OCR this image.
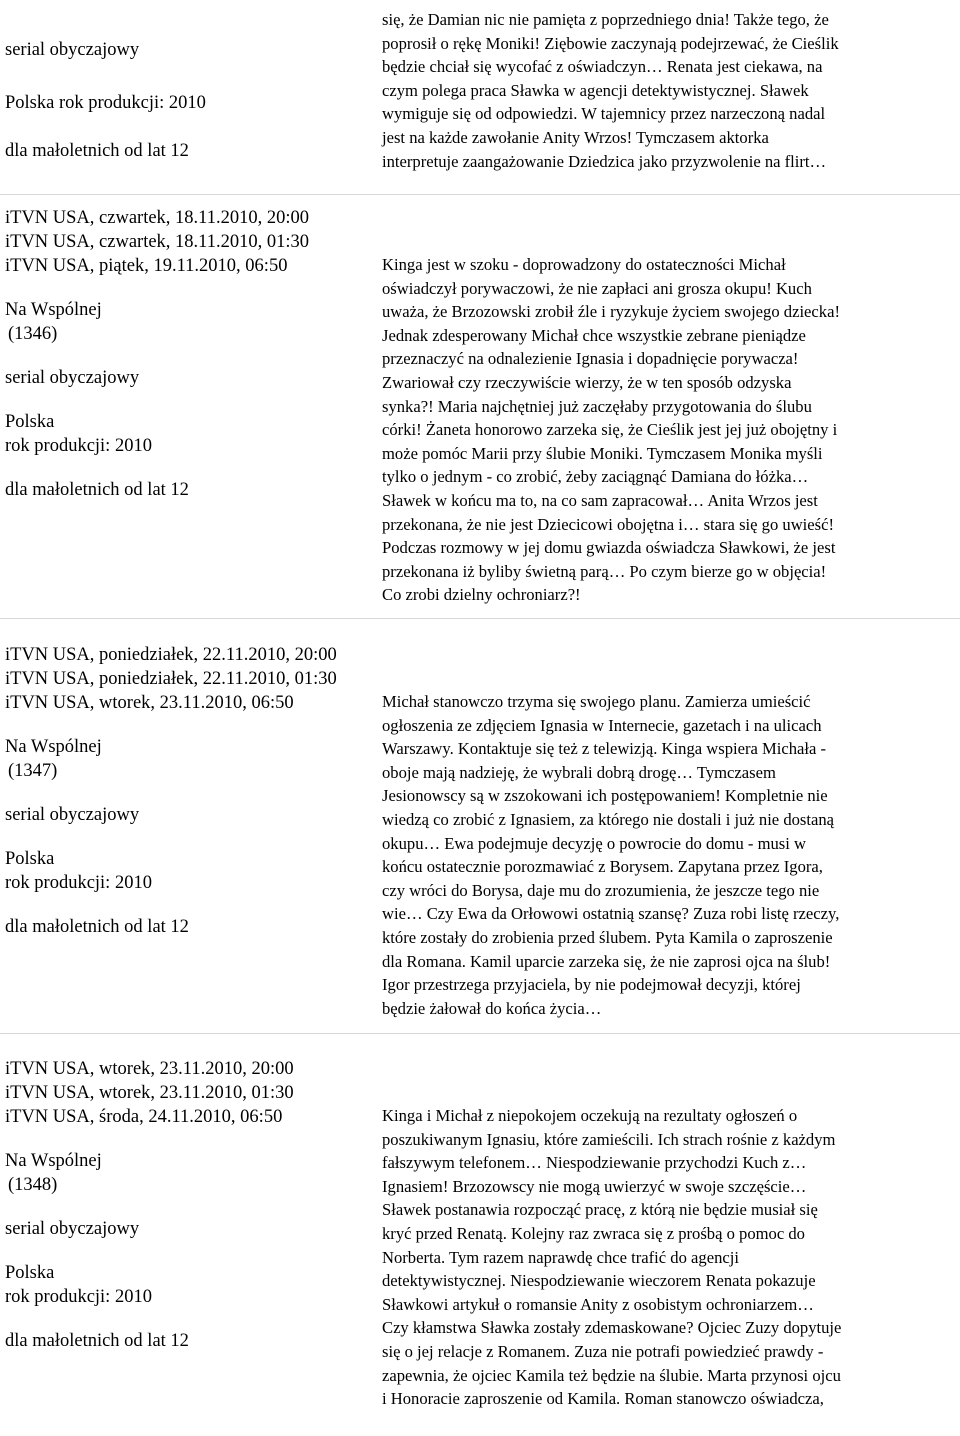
serial obyczajowy
Polska rok produkcji: 2010
dla małoletnich od lat 12
się, że Damian nic nie pamięta z poprzedniego dnia! Także tego, że
poprosił o rękę Moniki! Ziębowie zaczynają podejrzewać, że Cieślik
będzie chciał się wycofać z oświadczyn… Renata jest ciekawa, na
czym polega praca Sławka w agencji detektywistycznej. Sławek
wymiguje się od odpowiedzi. W tajemnicy przez narzeczoną nadal
jest na każde zawołanie Anity Wrzos! Tymczasem aktorka
interpretuje zaangażowanie Dziedzica jako przyzwolenie na flirt…
iTVN USA, czwartek, 18.11.2010, 20:00
iTVN USA, czwartek, 18.11.2010, 01:30
iTVN USA, piątek, 19.11.2010, 06:50
Na Wspólnej
(1346)
serial obyczajowy
Polska
rok produkcji: 2010
dla małoletnich od lat 12
Kinga jest w szoku - doprowadzony do ostateczności Michał
oświadczył porywaczowi, że nie zapłaci ani grosza okupu! Kuch
uważa, że Brzozowski zrobił źle i ryzykuje życiem swojego dziecka!
Jednak zdesperowany Michał chce wszystkie zebrane pieniądze
przeznaczyć na odnalezienie Ignasia i dopadnięcie porywacza!
Zwariował czy rzeczywiście wierzy, że w ten sposób odzyska
synka?! Maria najchętniej już zaczęłaby przygotowania do ślubu
córki! Żaneta honorowo zarzeka się, że Cieślik jest jej już obojętny i
może pomóc Marii przy ślubie Moniki. Tymczasem Monika myśli
tylko o jednym - co zrobić, żeby zaciągnąć Damiana do łóżka…
Sławek w końcu ma to, na co sam zapracował… Anita Wrzos jest
przekonana, że nie jest Dziecicowi obojętna i… stara się go uwieść!
Podczas rozmowy w jej domu gwiazda oświadcza Sławkowi, że jest
przekonana iż byliby świetną parą… Po czym bierze go w objęcia!
Co zrobi dzielny ochroniarz?!
iTVN USA, poniedziałek, 22.11.2010, 20:00
iTVN USA, poniedziałek, 22.11.2010, 01:30
iTVN USA, wtorek, 23.11.2010, 06:50
Na Wspólnej
(1347)
serial obyczajowy
Polska
rok produkcji: 2010
dla małoletnich od lat 12
Michał stanowczo trzyma się swojego planu. Zamierza umieścić
ogłoszenia ze zdjęciem Ignasia w Internecie, gazetach i na ulicach
Warszawy. Kontaktuje się też z telewizją. Kinga wspiera Michała -
oboje mają nadzieję, że wybrali dobrą drogę… Tymczasem
Jesionowscy są w zszokowani ich postępowaniem! Kompletnie nie
wiedzą co zrobić z Ignasiem, za którego nie dostali i już nie dostaną
okupu… Ewa podejmuje decyzję o powrocie do domu - musi w
końcu ostatecznie porozmawiać z Borysem. Zapytana przez Igora,
czy wróci do Borysa, daje mu do zrozumienia, że jeszcze tego nie
wie… Czy Ewa da Orłowowi ostatnią szansę? Zuza robi listę rzeczy,
które zostały do zrobienia przed ślubem. Pyta Kamila o zaproszenie
dla Romana. Kamil uparcie zarzeka się, że nie zaprosi ojca na ślub!
Igor przestrzega przyjaciela, by nie podejmował decyzji, której
będzie żałował do końca życia…
iTVN USA, wtorek, 23.11.2010, 20:00
iTVN USA, wtorek, 23.11.2010, 01:30
iTVN USA, środa, 24.11.2010, 06:50
Na Wspólnej
(1348)
serial obyczajowy
Polska
rok produkcji: 2010
dla małoletnich od lat 12
Kinga i Michał z niepokojem oczekują na rezultaty ogłoszeń o
poszukiwanym Ignasiu, które zamieścili. Ich strach rośnie z każdym
fałszywym telefonem… Niespodziewanie przychodzi Kuch z…
Ignasiem! Brzozowscy nie mogą uwierzyć w swoje szczęście…
Sławek postanawia rozpocząć pracę, z którą nie będzie musiał się
kryć przed Renatą. Kolejny raz zwraca się z prośbą o pomoc do
Norberta. Tym razem naprawdę chce trafić do agencji
detektywistycznej. Niespodziewanie wieczorem Renata pokazuje
Sławkowi artykuł o romansie Anity z osobistym ochroniarzem…
Czy kłamstwa Sławka zostały zdemaskowane? Ojciec Zuzy dopytuje
się o jej relacje z Romanem. Zuza nie potrafi powiedzieć prawdy -
zapewnia, że ojciec Kamila też będzie na ślubie. Marta przynosi ojcu
i Honoracie zaproszenie od Kamila. Roman stanowczo oświadcza,
